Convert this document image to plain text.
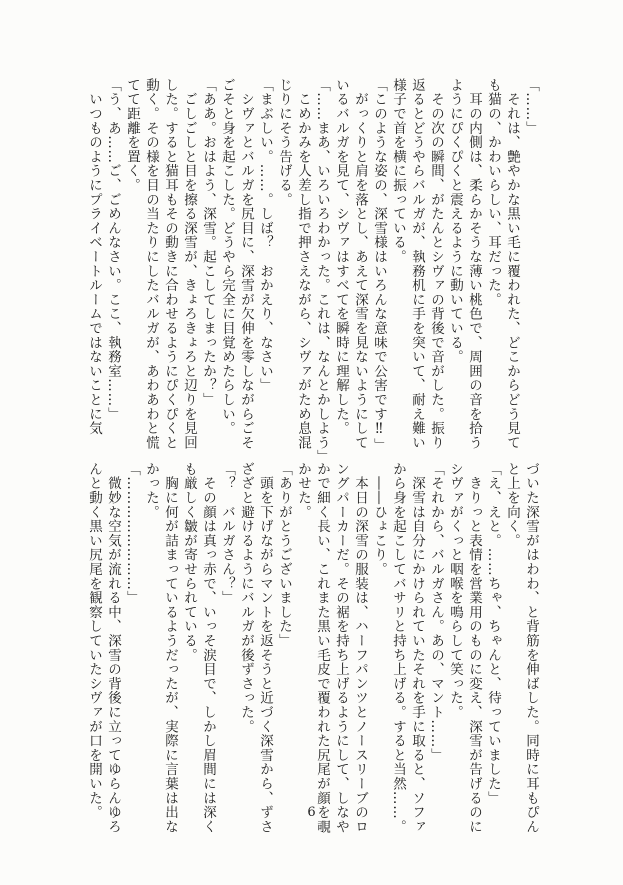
「……」
　それは、艶やかな黒い毛に覆われた、どこからどう見て
も猫の、かわいらしい、耳だった。
　耳の内側は、柔らかそうな薄い桃色で、周囲の音を拾う
ようにぴくぴくと震えるように動いている。
　その次の瞬間、がたんとシヴァの背後で音がした。振り
返るとどうやらバルガが、執務机に手を突いて、耐え難い
様子で首を横に振っている。
「このような姿の、深雪様はいろんな意味で公害です‼」
　がっくりと肩を落とし、あえて深雪を見ないようにして
いるバルガを見て、シヴァはすべてを瞬時に理解した。
「……まあ、いろいろわかった。これは、なんとかしよう」
　こめかみを人差し指で押さえながら、シヴァがため息混
じりにそう告げる。
「まぶしい。……。しば？　おかえり、なさい」
　シヴァとバルガを尻目に、深雪が欠伸を零しながらごそ
ごそと身を起こした。どうやら完全に目覚めたらしい。
「ああ。おはよう、深雪。起こしてしまったか？」
　ごしごしと目を擦る深雪が、きょろきょろと辺りを見回
した。すると猫耳もその動きに合わせるようにぴくぴくと
動く。その様を目の当たりにしたバルガが、あわあわと慌
てて距離を置く。
「う、あ……ご、ごめんなさい。ここ、執務室……」
　いつものようにプライベートルームではないことに気
づいた深雪がはわわ、と背筋を伸ばした。同時に耳もぴん
と上を向く。
「え、えと。……ちゃ、ちゃんと、待っていました」
　きりっと表情を営業用のものに変え、深雪が告げるのに
シヴァがくっと咽喉を鳴らして笑った。
「それから、バルガさん。あの、マント……」
　深雪は自分にかけられていたそれを手に取ると、ソファ
から身を起こしてバサリと持ち上げる。すると当然……。
　――ひょこり。
　本日の深雪の服装は、ハーフパンツとノースリーブのロ
ングパーカーだ。その裾を持ち上げるようにして、しなや
かで細く長い、これまた黒い毛皮で覆われた尻尾が顔を覗
かせた。
「ありがとうございました」
　頭を下げながらマントを返そうと近づく深雪から、ずさ
ざざと避けるようにバルガが後ずさった。
「？　バルガさん？」
　その顔は真っ赤で、いっそ涙目で、しかし眉間には深く
も厳しく皺が寄せられている。
　胸に何が詰まっているようだったが、実際に言葉は出な
かった。
「……………………」
　微妙な空気が流れる中、深雪の背後に立ってゆらんゆろ
んと動く黒い尻尾を観察していたシヴァが口を開いた。	6
